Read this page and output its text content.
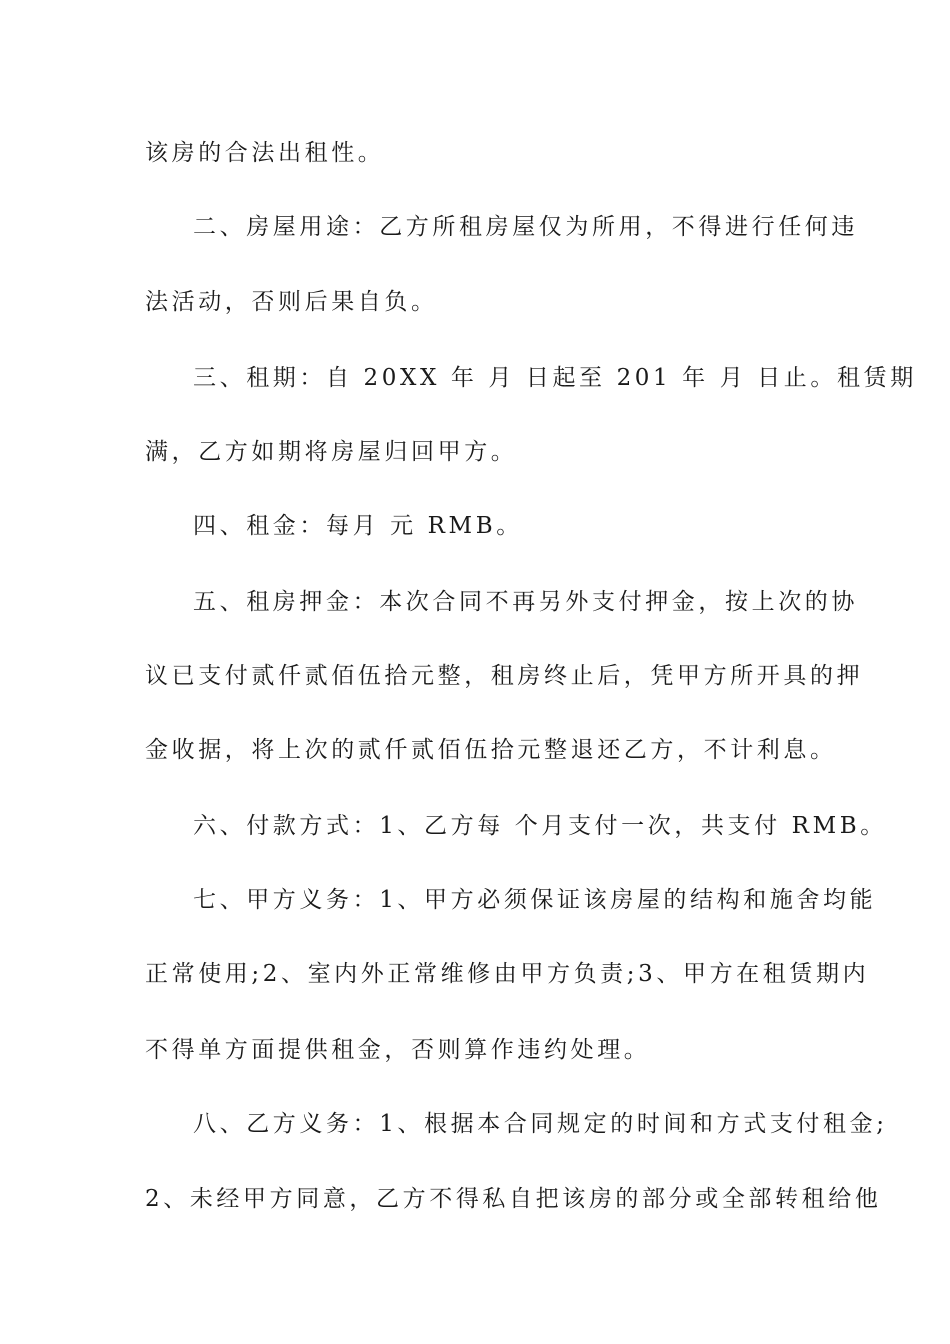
该房的合法出租性。
二、房屋用途：乙方所租房屋仅为所用，不得进行任何违
法活动，否则后果自负。
三、租期：自 20XX 年 月 日起至 201 年 月 日止。租赁期
满，乙方如期将房屋归回甲方。
四、租金：每月 元 RMB。
五、租房押金：本次合同不再另外支付押金，按上次的协
议已支付贰仟贰佰伍拾元整，租房终止后，凭甲方所开具的押
金收据，将上次的贰仟贰佰伍拾元整退还乙方，不计利息。
六、付款方式：1、乙方每 个月支付一次，共支付 RMB。
七、甲方义务：1、甲方必须保证该房屋的结构和施舍均能
正常使用;2、室内外正常维修由甲方负责;3、甲方在租赁期内
不得单方面提供租金，否则算作违约处理。
八、乙方义务：1、根据本合同规定的时间和方式支付租金;
2、未经甲方同意，乙方不得私自把该房的部分或全部转租给他
